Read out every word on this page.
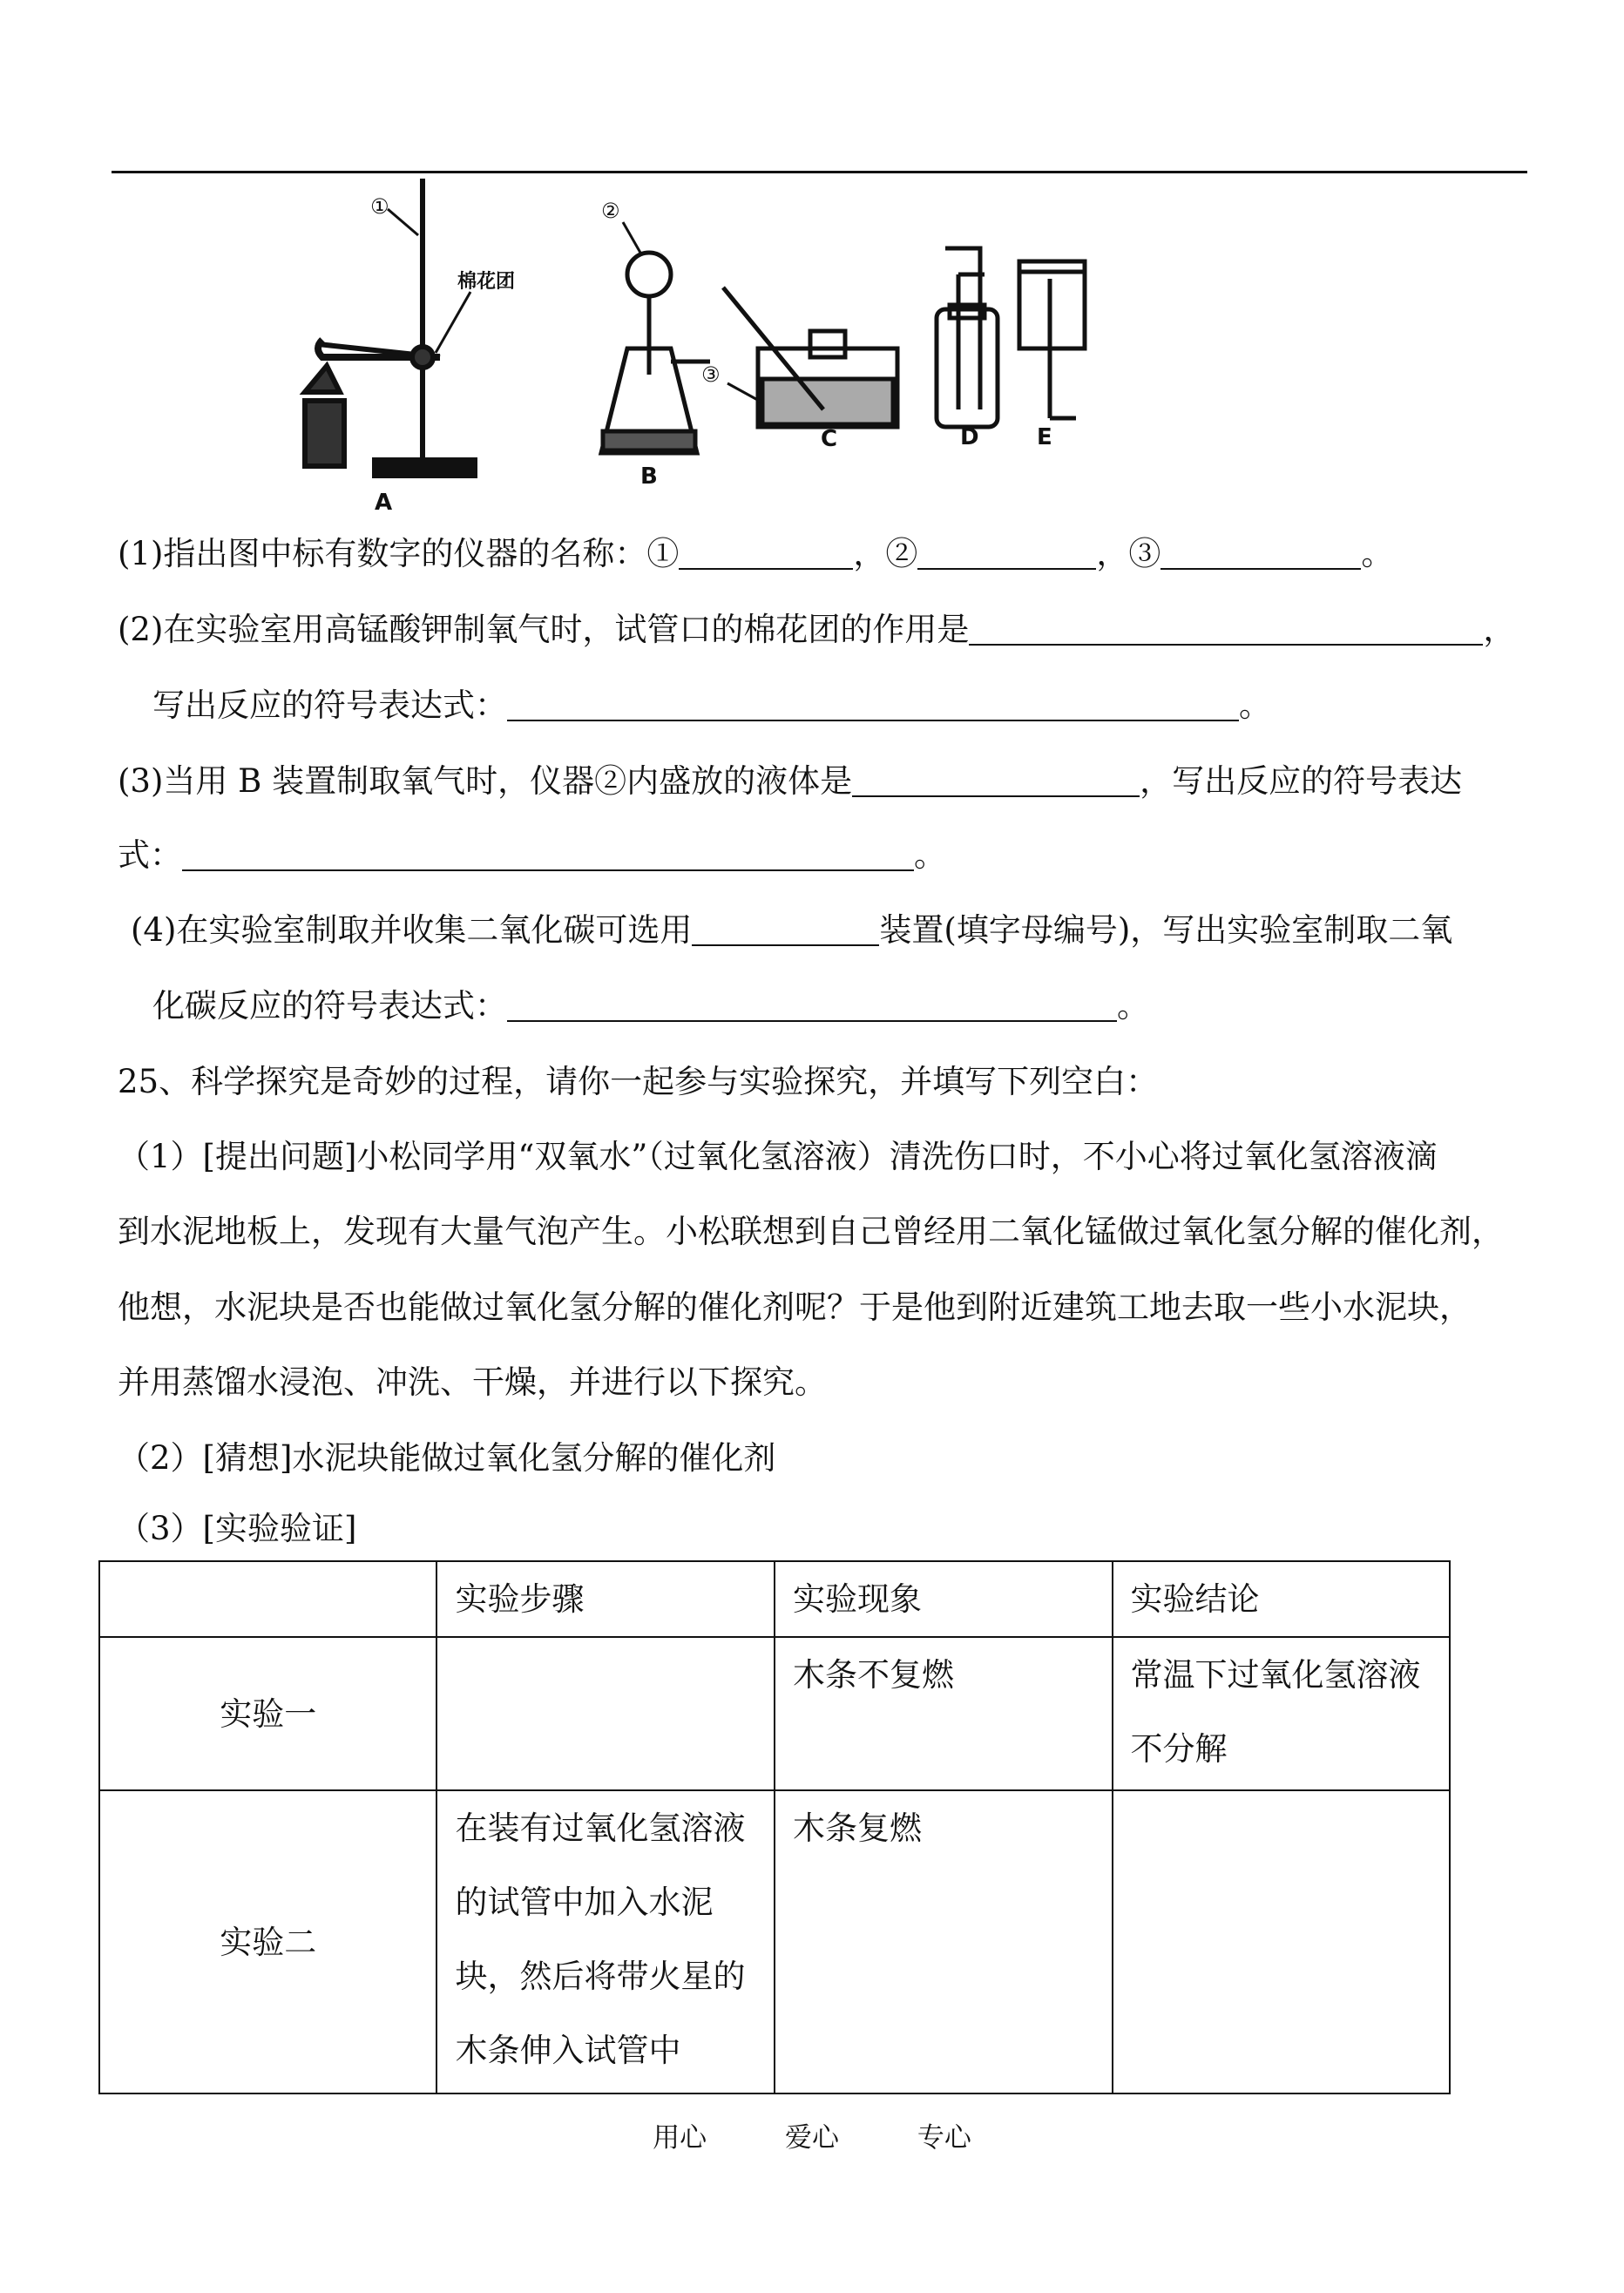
①
棉花团
A
②
B
③
C	D	E
(1)指出图中标有数字的仪器的名称：①	，②	，③	。
(2)在实验室用高锰酸钾制氧气时，试管口的棉花团的作用是	，
写出反应的符号表达式：	。
(3)当用 B 装置制取氧气时，仪器②内盛放的液体是	，写出反应的符号表达
式：	。
(4)在实验室制取并收集二氧化碳可选用	装置(填字母编号)，写出实验室制取二氧
化碳反应的符号表达式：	。
25、科学探究是奇妙的过程，请你一起参与实验探究，并填写下列空白：
（1）[提出问题]小松同学用“双氧水”（过氧化氢溶液）清洗伤口时，不小心将过氧化氢溶液滴
到水泥地板上，发现有大量气泡产生。小松联想到自己曾经用二氧化锰做过氧化氢分解的催化剂，
他想，水泥块是否也能做过氧化氢分解的催化剂呢？于是他到附近建筑工地去取一些小水泥块，
并用蒸馏水浸泡、冲洗、干燥，并进行以下探究。
（2）[猜想]水泥块能做过氧化氢分解的催化剂
（3）[实验验证]
	实验步骤	实验现象	实验结论
实验一		木条不复燃	常温下过氧化氢溶液不分解
实验二	在装有过氧化氢溶液的试管中加入水泥块，然后将带火星的木条伸入试管中	木条复燃	
用心	爱心	专心
